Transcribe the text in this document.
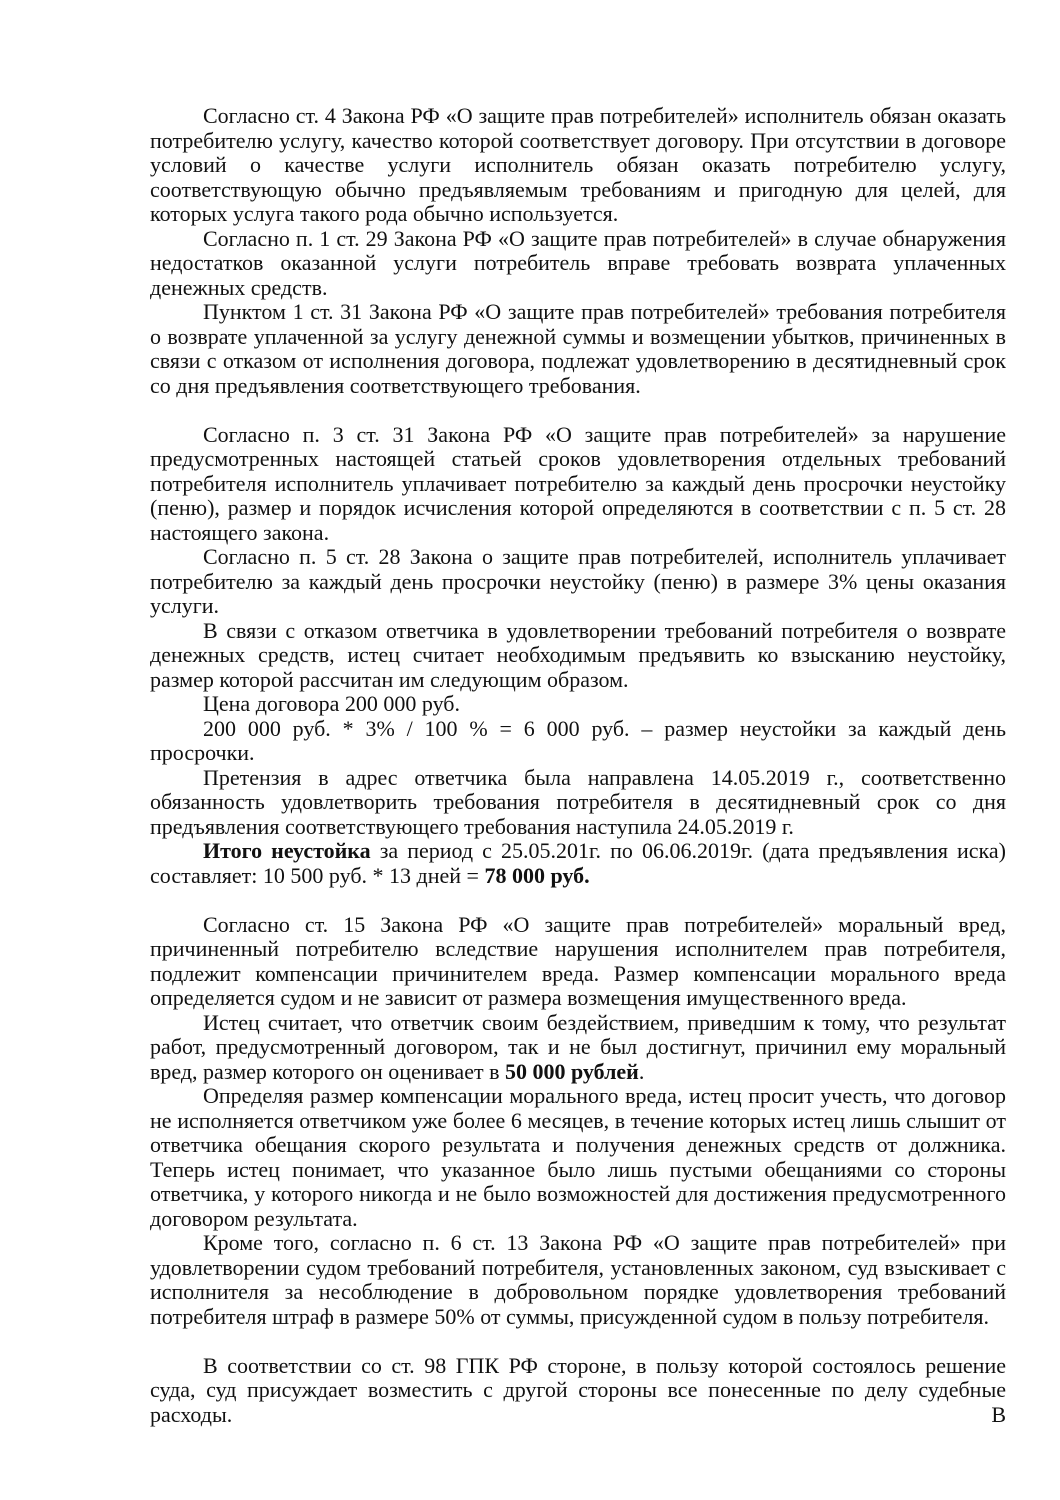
Согласно ст. 4 Закона РФ «О защите прав потребителей» исполнитель обязан оказать потребителю услугу, качество которой соответствует договору. При отсутствии в договоре условий о качестве услуги исполнитель обязан оказать потребителю услугу, соответствующую обычно предъявляемым требованиям и пригодную для целей, для которых услуга такого рода обычно используется.

Согласно п. 1 ст. 29 Закона РФ «О защите прав потребителей» в случае обнаружения недостатков оказанной услуги потребитель вправе требовать возврата уплаченных денежных средств.

Пунктом 1 ст. 31 Закона РФ «О защите прав потребителей» требования потребителя о возврате уплаченной за услугу денежной суммы и возмещении убытков, причиненных в связи с отказом от исполнения договора, подлежат удовлетворению в десятидневный срок со дня предъявления соответствующего требования.

Согласно п. 3 ст. 31 Закона РФ «О защите прав потребителей» за нарушение предусмотренных настоящей статьей сроков удовлетворения отдельных требований потребителя исполнитель уплачивает потребителю за каждый день просрочки неустойку (пеню), размер и порядок исчисления которой определяются в соответствии с п. 5 ст. 28 настоящего закона.

Согласно п. 5 ст. 28 Закона о защите прав потребителей, исполнитель уплачивает потребителю за каждый день просрочки неустойку (пеню) в размере 3% цены оказания услуги.

В связи с отказом ответчика в удовлетворении требований потребителя о возврате денежных средств, истец считает необходимым предъявить ко взысканию неустойку, размер которой рассчитан им следующим образом.

Цена договора 200 000 руб.

200 000 руб. * 3% / 100 % = 6 000 руб. – размер неустойки за каждый день просрочки.

Претензия в адрес ответчика была направлена 14.05.2019 г., соответственно обязанность удовлетворить требования потребителя в десятидневный срок со дня предъявления соответствующего требования наступила 24.05.2019 г.

Итого неустойка за период с 25.05.201г. по 06.06.2019г. (дата предъявления иска) составляет: 10 500 руб. * 13 дней = 78 000 руб.

Согласно ст. 15 Закона РФ «О защите прав потребителей» моральный вред, причиненный потребителю вследствие нарушения исполнителем прав потребителя, подлежит компенсации причинителем вреда. Размер компенсации морального вреда определяется судом и не зависит от размера возмещения имущественного вреда.

Истец считает, что ответчик своим бездействием, приведшим к тому, что результат работ, предусмотренный договором, так и не был достигнут, причинил ему моральный вред, размер которого он оценивает в 50 000 рублей.

Определяя размер компенсации морального вреда, истец просит учесть, что договор не исполняется ответчиком уже более 6 месяцев, в течение которых истец лишь слышит от ответчика обещания скорого результата и получения денежных средств от должника. Теперь истец понимает, что указанное было лишь пустыми обещаниями со стороны ответчика, у которого никогда и не было возможностей для достижения предусмотренного договором результата.

Кроме того, согласно п. 6 ст. 13 Закона РФ «О защите прав потребителей» при удовлетворении судом требований потребителя, установленных законом, суд взыскивает с исполнителя за несоблюдение в добровольном порядке удовлетворения требований потребителя штраф в размере 50% от суммы, присужденной судом в пользу потребителя.

В соответствии со ст. 98 ГПК РФ стороне, в пользу которой состоялось решение суда, суд присуждает возместить с другой стороны все понесенные по делу судебные расходы. В
